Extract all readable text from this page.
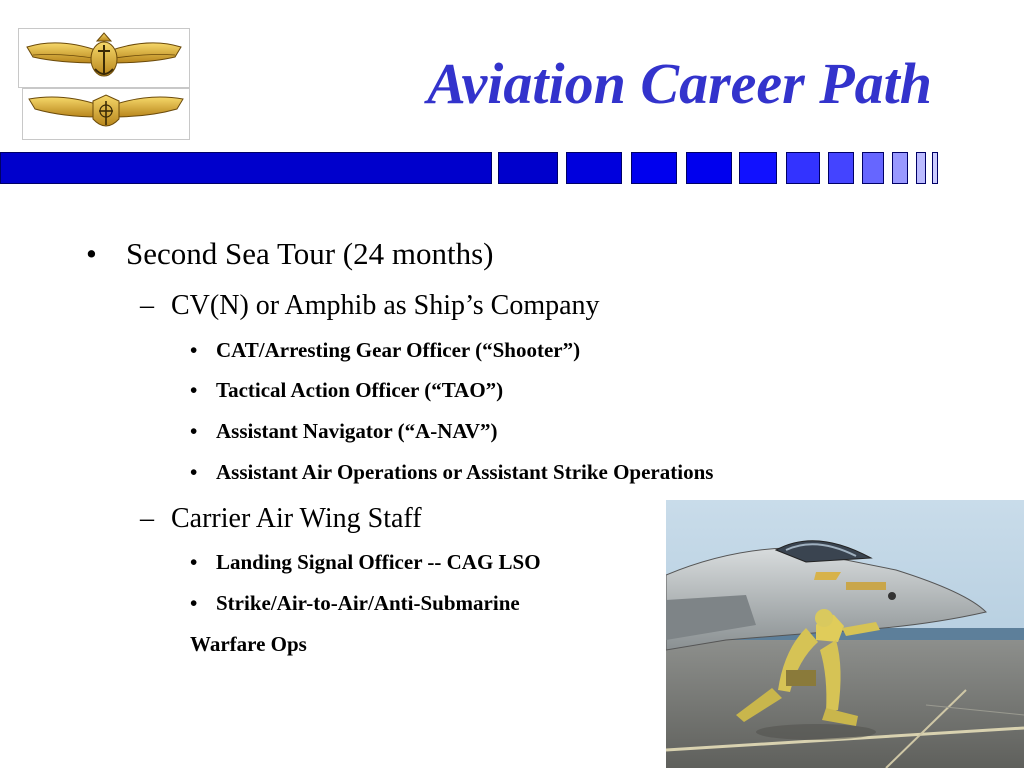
Aviation Career Path
• Second Sea Tour (24 months)
– CV(N) or Amphib as Ship’s Company
• CAT/Arresting Gear Officer (“Shooter”)
• Tactical Action Officer (“TAO”)
• Assistant Navigator (“A-NAV”)
• Assistant Air Operations or Assistant Strike Operations
– Carrier Air Wing Staff
• Landing Signal Officer -- CAG LSO
• Strike/Air-to-Air/Anti-Submarine
Warfare Ops
